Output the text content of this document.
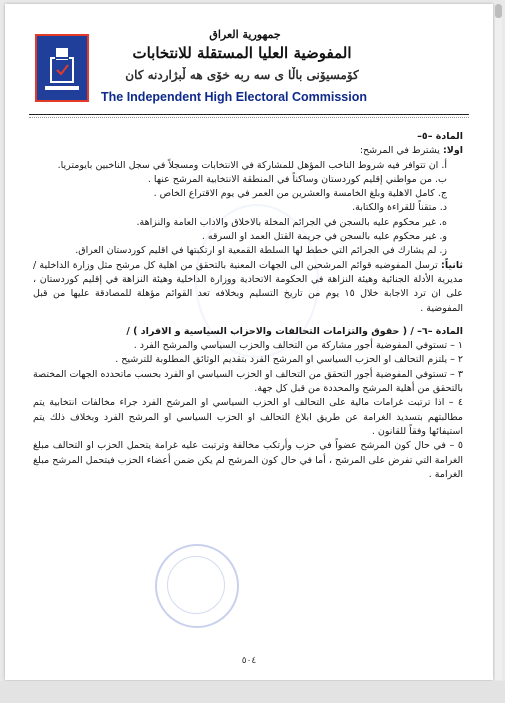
جمهورية العراق
المفوضية العليا المستقلة للانتخابات
كۆمسیۆنی باڵا ی سه ربه خۆی هه ڵبژاردنه كان
The Independent High Electoral Commission

المادة –٥–

اولا: يشترط في المرشح:

أ. ان تتوافر فيه شروط الناخب المؤهل للمشاركة في الانتخابات ومسجلاً في سجل الناخبين بايومتريا.

ب. من مواطني إقليم كوردستان وساكناً في المنطقة الانتخابية المرشح عنها .

ج. كامل الاهلية وبلغ الخامسة والعشرين من العمر في يوم الاقتراع الخاص .

د. متقناً للقراءة والكتابة.

ه. غير محكوم عليه بالسجن في الجرائم المخلة بالاخلاق والاداب العامة والنزاهة.

و. غير محكوم عليه بالسجن في جريمة القتل العمد او السرقه .

ز. لم يشارك في الجرائم التي خطط لها السلطة القمعية او ارتكبتها في اقليم كوردستان العراق.

ثانياً: ترسل المفوضيه قوائم المرشحين الى الجهات المعنية بالتحقق من اهلية كل مرشح مثل وزارة الداخلية / مديرية الأدلة الجنائية وهيئة النزاهة في الحكومة الاتحادية ووزارة الداخلية وهيئة النزاهة في إقليم كوردستان ، على ان ترد الاجابة خلال ١٥ يوم من تاريخ التسليم وبخلافه تعد القوائم مؤهلة للمصادقة عليها من قبل المفوضية .

المادة –٦– / ( حقوق والتزامات التحالفات والاحزاب السياسية و الافراد ) /

١ – تستوفي المفوضية أجور مشاركة من التحالف والحزب السياسي والمرشح الفرد .

٢ – يلتزم التحالف او الحزب السياسي او المرشح الفرد بتقديم الوثائق المطلوبة للترشيح .

٣ – تستوفي المفوضية أجور التحقق من التحالف او الحزب السياسي او الفرد بحسب ماتحدده الجهات المختصة بالتحقق من أهلية المرشح والمحددة من قبل كل جهة.

٤ – اذا ترتبت غرامات مالية على التحالف او الحزب السياسي او المرشح الفرد جراء مخالفات انتخابية يتم مطالبتهم بتسديد الغرامة عن طريق ابلاغ التحالف او الحزب السياسي او المرشح الفرد وبخلاف ذلك يتم استيفائها وفقاً للقانون .

٥ – في حال كون المرشح عضواً في حزب وأرتكب مخالفة وترتبت عليه غرامة يتحمل الحزب او التحالف مبلغ الغرامة التي تفرض على المرشح ، أما في حال كون المرشح لم يكن ضمن أعضاء الحزب فيتحمل المرشح مبلغ الغرامة .

٥٠٤
